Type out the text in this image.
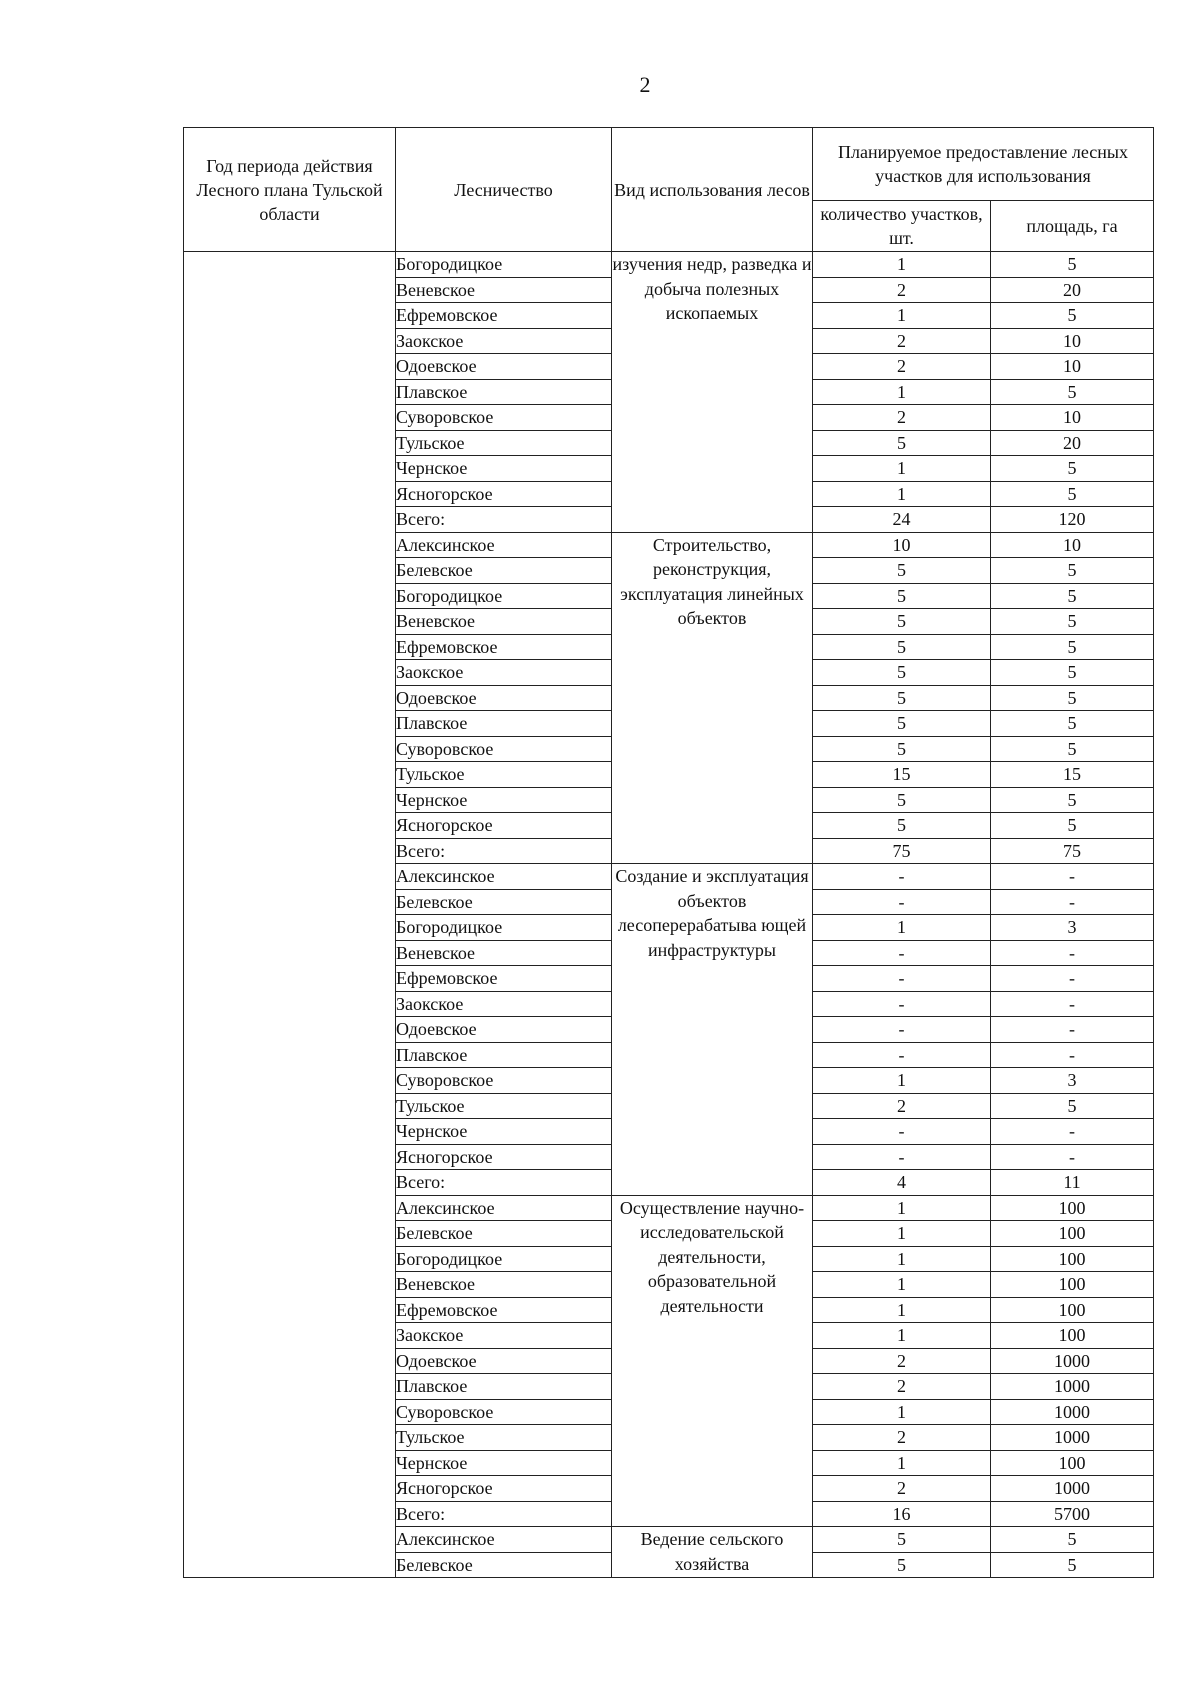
2
Год периода действия Лесного плана Тульской области	Лесничество	Вид использования лесов	Планируемое предоставление лесных участков для использования	
			количество участков, шт.	площадь, га
	Богородицкое	изучения недр, разведка и добыча полезных ископаемых	1	5
	Веневское		2	20
	Ефремовское		1	5
	Заокское		2	10
	Одоевское		2	10
	Плавское		1	5
	Суворовское		2	10
	Тульское		5	20
	Чернское		1	5
	Ясногорское		1	5
	Всего:		24	120
	Алексинское	Строительство, реконструкция, эксплуатация линейных объектов	10	10
	Белевское		5	5
	Богородицкое		5	5
	Веневское		5	5
	Ефремовское		5	5
	Заокское		5	5
	Одоевское		5	5
	Плавское		5	5
	Суворовское		5	5
	Тульское		15	15
	Чернское		5	5
	Ясногорское		5	5
	Всего:		75	75
	Алексинское	Создание и эксплуатация объектов лесоперерабатыва ющей инфраструктуры	-	-
	Белевское		-	-
	Богородицкое		1	3
	Веневское		-	-
	Ефремовское		-	-
	Заокское		-	-
	Одоевское		-	-
	Плавское		-	-
	Суворовское		1	3
	Тульское		2	5
	Чернское		-	-
	Ясногорское		-	-
	Всего:		4	11
	Алексинское	Осуществление научно- исследовательской деятельности, образовательной деятельности	1	100
	Белевское		1	100
	Богородицкое		1	100
	Веневское		1	100
	Ефремовское		1	100
	Заокское		1	100
	Одоевское		2	1000
	Плавское		2	1000
	Суворовское		1	1000
	Тульское		2	1000
	Чернское		1	100
	Ясногорское		2	1000
	Всего:		16	5700
	Алексинское	Ведение сельского хозяйства	5	5
	Белевское		5	5
